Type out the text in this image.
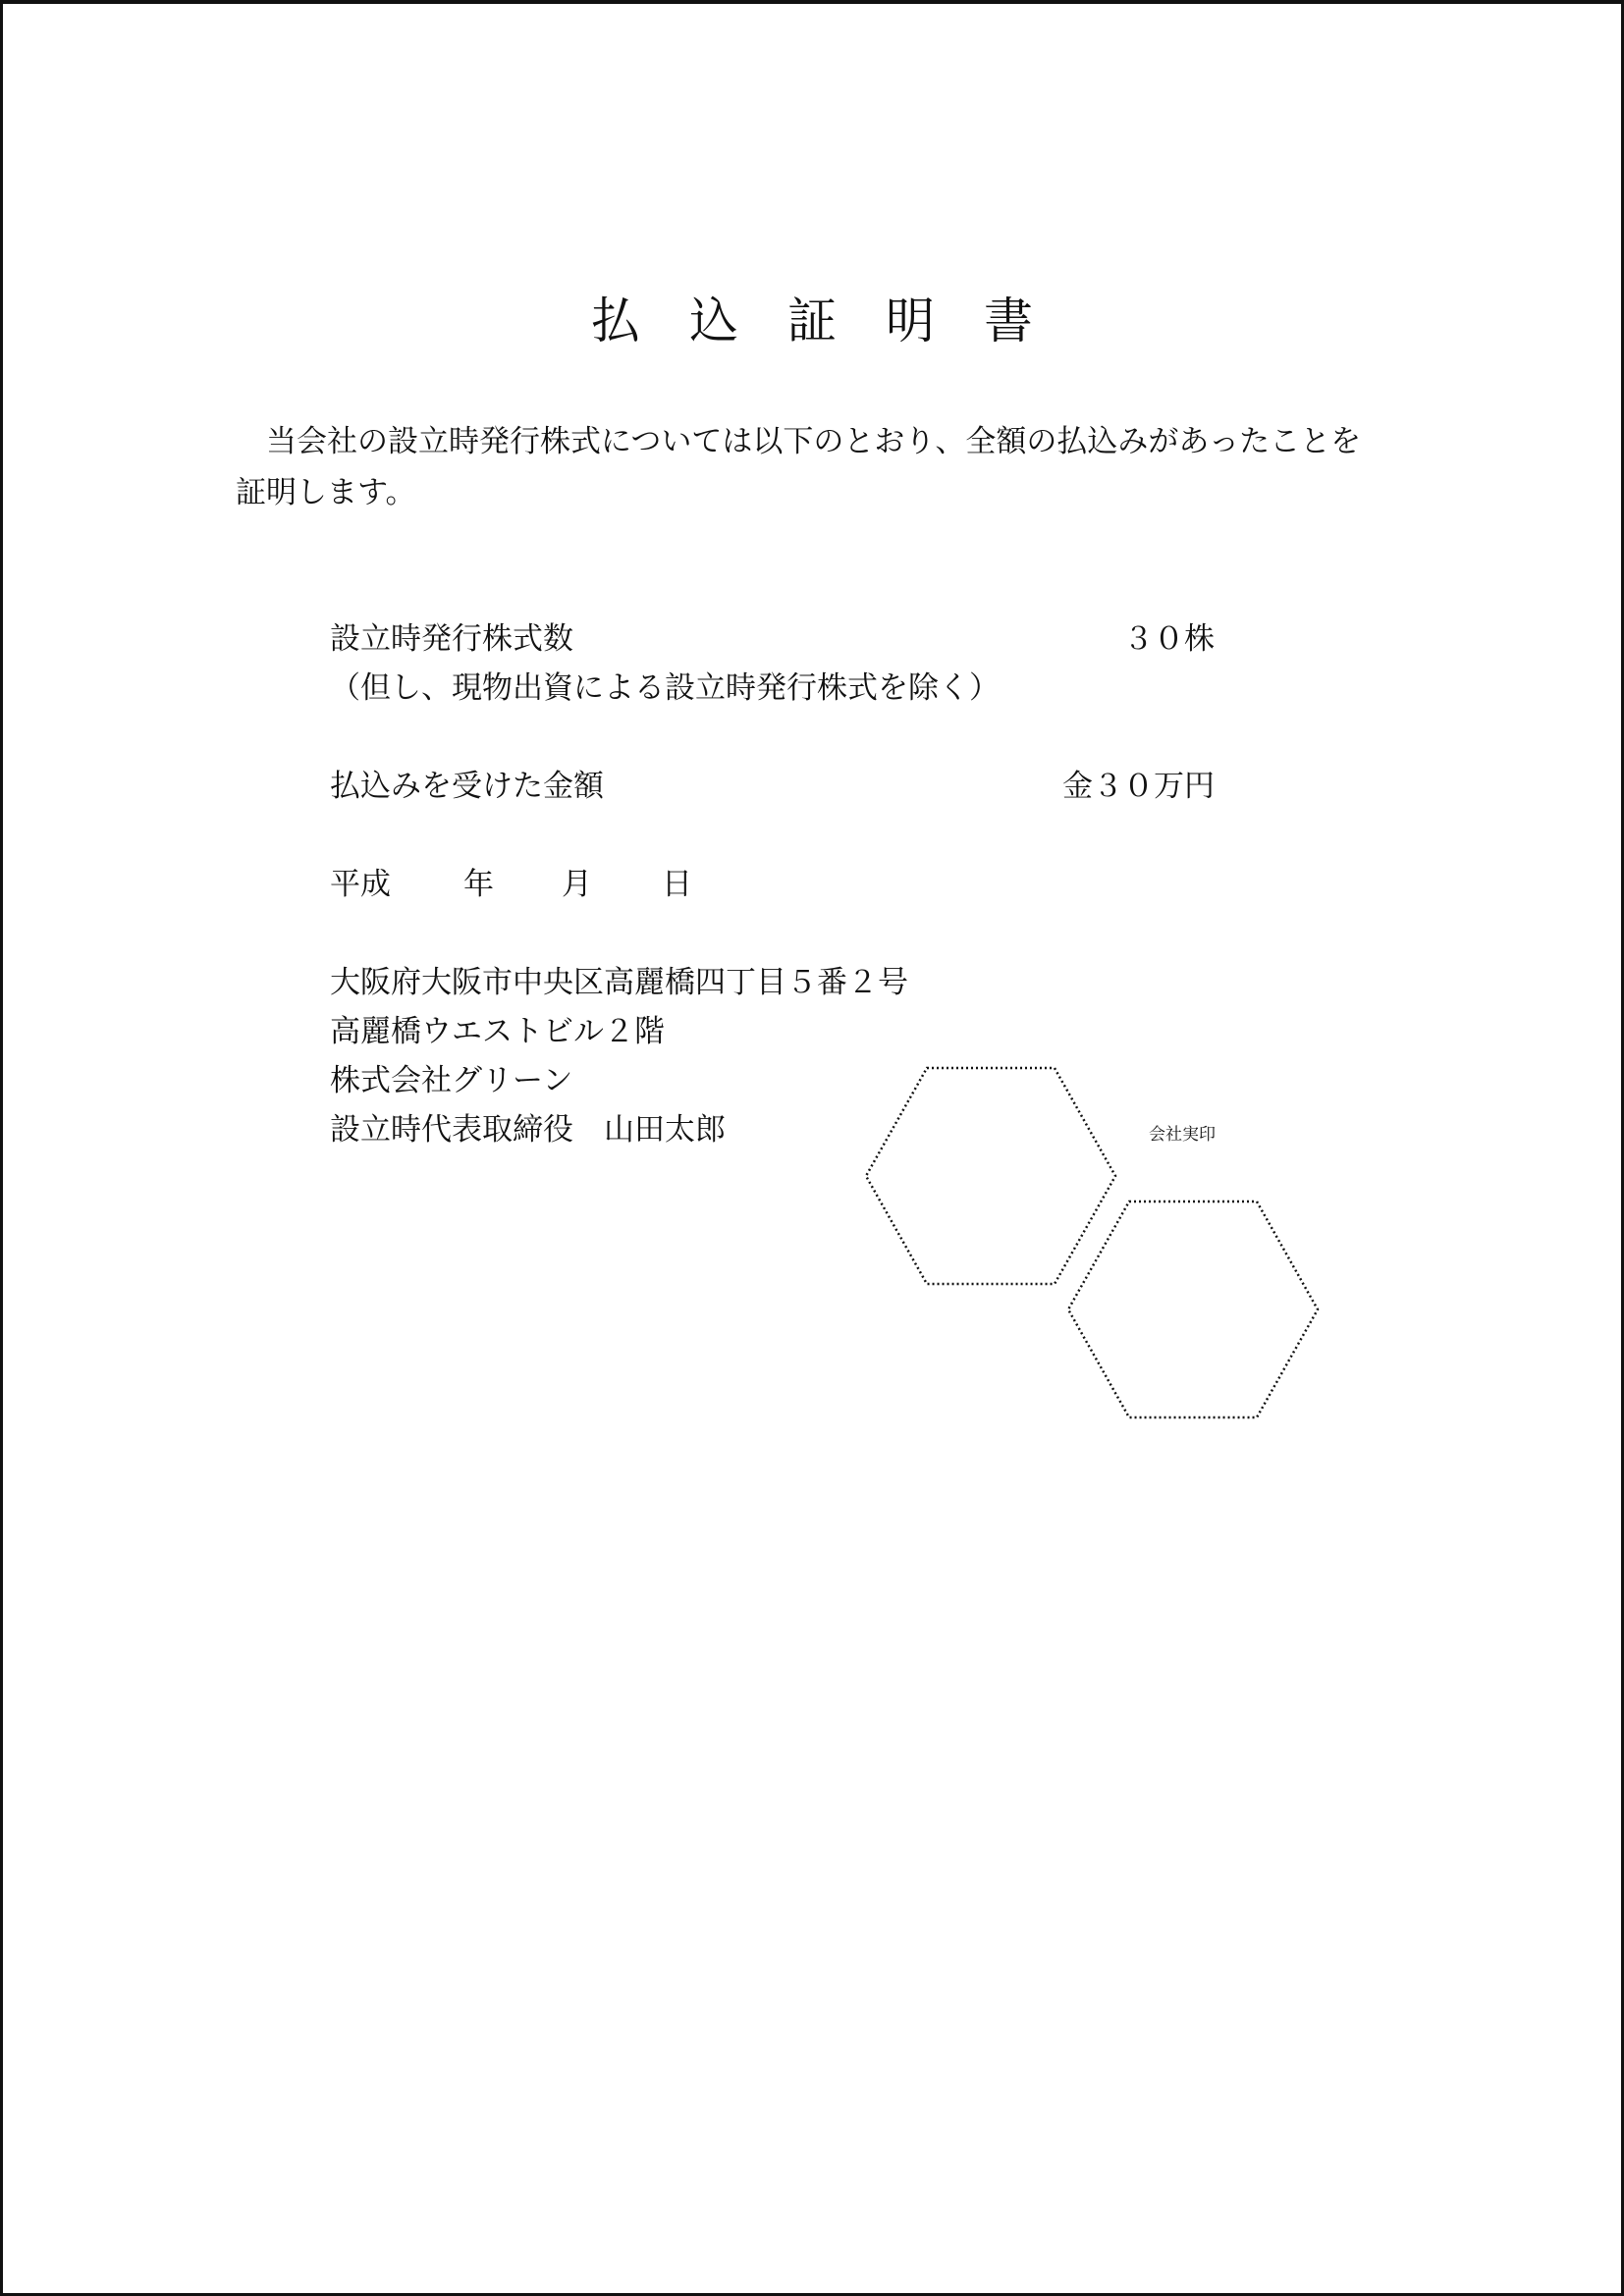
払　込　証　明　書
当会社の設立時発行株式については以下のとおり、全額の払込みがあったことを証明します。
設立時発行株式数	３０株
（但し、現物出資による設立時発行株式を除く）
払込みを受けた金額	金３０万円
平成 年 月 日
大阪府大阪市中央区高麗橋四丁目５番２号
高麗橋ウエストビル２階
株式会社グリーン
設立時代表取締役　山田太郎	会社実印
